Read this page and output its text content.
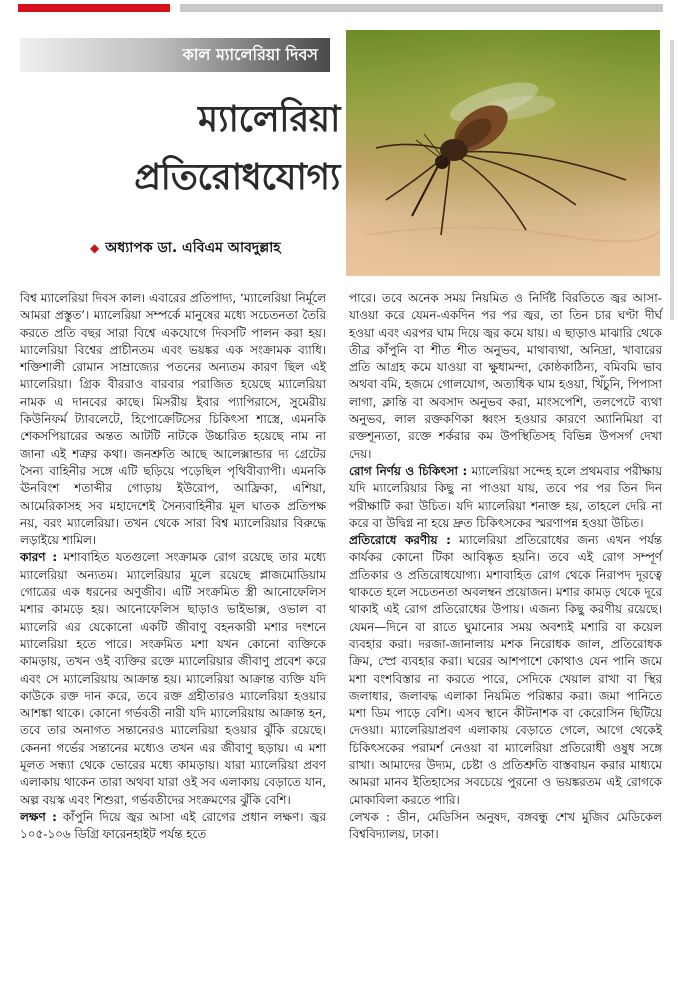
কাল ম্যালেরিয়া দিবস
ম্যালেরিয়া
প্রতিরোধযোগ্য
◆ অধ্যাপক ডা. এবিএম আবদুল্লাহ

বিশ্ব ম্যালেরিয়া দিবস কাল। এবারের প্রতিপাদ্য, ‘ম্যালেরিয়া নির্মূলে আমরা প্রস্তুত’। ম্যালেরিয়া সম্পর্কে মানুষের মধ্যে সচেতনতা তৈরি করতে প্রতি বছর সারা বিশ্বে একযোগে দিবসটি পালন করা হয়। ম্যালেরিয়া বিশ্বের প্রাচীনতম এবং ভয়ঙ্কর এক সংক্রামক ব্যাধি। শক্তিশালী রোমান সাম্রাজ্যের পতনের অন্যতম কারণ ছিল এই ম্যালেরিয়া। গ্রিক বীররাও বারবার পরাজিত হয়েছে ম্যালেরিয়া নামক এ দানবের কাছে। মিসরীয় ইবার প্যাপিরাসে, সুমেরীয় কিউনিফর্ম ট্যাবলেটে, হিপোক্রেটিসের চিকিৎসা শাস্ত্রে, এমনকি শেকসপিয়ারের অন্তত আটটি নাটকে উচ্চারিত হয়েছে নাম না জানা এই শত্রুর কথা। জনশ্রুতি আছে আলেক্সান্ডার দ্য গ্রেটের সৈন্য বাহিনীর সঙ্গে এটি ছড়িয়ে পড়েছিল পৃথিবীব্যাপী। এমনকি ঊনবিংশ শতাব্দীর গোড়ায় ইউরোপ, আফ্রিকা, এশিয়া, আমেরিকাসহ সব মহাদেশেই সৈন্যবাহিনীর মূল ঘাতক প্রতিপক্ষ নয়, বরং ম্যালেরিয়া। তখন থেকে সারা বিশ্ব ম্যালেরিয়ার বিরুদ্ধে লড়াইয়ে শামিল।

কারণ : মশাবাহিত যতগুলো সংক্রামক রোগ রয়েছে তার মধ্যে ম্যালেরিয়া অন্যতম। ম্যালেরিয়ার মূলে রয়েছে প্লাজমোডিয়াম গোত্রের এক ধরনের অণুজীব। এটি সংক্রমিত স্ত্রী আনোফেলিস মশার কামড়ে হয়। আনোফেলিস ছাড়াও ভাইভাক্স, ওভাল বা ম্যালেরি এর যেকোনো একটি জীবাণু বহনকারী মশার দংশনে ম্যালেরিয়া হতে পারে। সংক্রমিত মশা যখন কোনো ব্যক্তিকে কামড়ায়, তখন ওই ব্যক্তির রক্তে ম্যালেরিয়ার জীবাণু প্রবেশ করে এবং সে ম্যালেরিয়ায় আক্রান্ত হয়। ম্যালেরিয়া আক্রান্ত ব্যক্তি যদি কাউকে রক্ত দান করে, তবে রক্ত গ্রহীতারও ম্যালেরিয়া হওয়ার আশঙ্কা থাকে। কোনো গর্ভবতী নারী যদি ম্যালেরিয়ায় আক্রান্ত হন, তবে তার অনাগত সন্তানেরও ম্যালেরিয়া হওয়ার ঝুঁকি রয়েছে। কেননা গর্ভের সন্তানের মধ্যেও তখন এর জীবাণু ছড়ায়। এ মশা মূলত সন্ধ্যা থেকে ভোরের মধ্যে কামড়ায়। যারা ম্যালেরিয়া প্রবণ এলাকায় থাকেন তারা অথবা যারা ওই সব এলাকায় বেড়াতে যান, অল্প বয়স্ক এবং শিশুরা, গর্ভবতীদের সংক্রমণের ঝুঁকি বেশি।

লক্ষণ : কাঁপুনি দিয়ে জ্বর আসা এই রোগের প্রধান লক্ষণ। জ্বর ১০৫-১০৬ ডিগ্রি ফারেনহাইট পর্যন্ত হতে

পারে। তবে অনেক সময় নিয়মিত ও নির্দিষ্ট বিরতিতে জ্বর আসা-যাওয়া করে যেমন-একদিন পর পর জ্বর, তা তিন চার ঘণ্টা দীর্ঘ হওয়া এবং এরপর ঘাম দিয়ে জ্বর কমে যায়। এ ছাড়াও মাঝারি থেকে তীব্র কাঁপুনি বা শীত শীত অনুভব, মাথাব্যথা, অনিদ্রা, খাবারের প্রতি আগ্রহ কমে যাওয়া বা ক্ষুধামন্দা, কোষ্ঠকাঠিন্য, বমিবমি ভাব অথবা বমি, হজমে গোলযোগ, অত্যধিক ঘাম হওয়া, খিঁচুনি, পিপাসা লাগা, ক্লান্তি বা অবসাদ অনুভব করা, মাংসপেশি, তলপেটে ব্যথা অনুভব, লাল রক্তকণিকা ধ্বংস হওয়ার কারণে অ্যানিমিয়া বা রক্তশূন্যতা, রক্তে শর্করার কম উপস্থিতিসহ বিভিন্ন উপসর্গ দেখা দেয়।

রোগ নির্ণয় ও চিকিৎসা : ম্যালেরিয়া সন্দেহ হলে প্রথমবার পরীক্ষায় যদি ম্যালেরিয়ার কিছু না পাওয়া যায়, তবে পর পর তিন দিন পরীক্ষাটি করা উচিত। যদি ম্যালেরিয়া শনাক্ত হয়, তাহলে দেরি না করে বা উদ্বিগ্ন না হয়ে দ্রুত চিকিৎসকের স্মরণাপন্ন হওয়া উচিত।

প্রতিরোধে করণীয় : ম্যালেরিয়া প্রতিরোধের জন্য এখন পর্যন্ত কার্যকর কোনো টিকা আবিষ্কৃত হয়নি। তবে এই রোগ সম্পূর্ণ প্রতিকার ও প্রতিরোধযোগ্য। মশাবাহিত রোগ থেকে নিরাপদ দূরত্বে থাকতে হলে সচেতনতা অবলম্বন প্রয়োজন। মশার কামড় থেকে দূরে থাকাই এই রোগ প্রতিরোধের উপায়। এজন্য কিছু করণীয় রয়েছে। যেমন—দিনে বা রাতে ঘুমানোর সময় অবশ্যই মশারি বা কয়েল ব্যবহার করা। দরজা-জানালায় মশক নিরোধক জাল, প্রতিরোধক ক্রিম, স্প্রে ব্যবহার করা। ঘরের আশপাশে কোথাও যেন পানি জমে মশা বংশবিস্তার না করতে পারে, সেদিকে খেয়াল রাখা বা স্থির জলাধার, জলাবদ্ধ এলাকা নিয়মিত পরিষ্কার করা। জমা পানিতে মশা ডিম পাড়ে বেশি। এসব স্থানে কীটনাশক বা কেরোসিন ছিটিয়ে দেওয়া। ম্যালেরিয়াপ্রবণ এলাকায় বেড়াতে গেলে, আগে থেকেই চিকিৎসকের পরামর্শ নেওয়া বা ম্যালেরিয়া প্রতিরোধী ওষুধ সঙ্গে রাখা। আমাদের উদ্যম, চেষ্টা ও প্রতিশ্রুতি বাস্তবায়ন করার মাধ্যমে আমরা মানব ইতিহাসের সবচেয়ে পুরনো ও ভয়ঙ্করতম এই রোগকে মোকাবিলা করতে পারি।

লেখক : ডীন, মেডিসিন অনুষদ, বঙ্গবন্ধু শেখ মুজিব মেডিকেল বিশ্ববিদ্যালয়, ঢাকা।
